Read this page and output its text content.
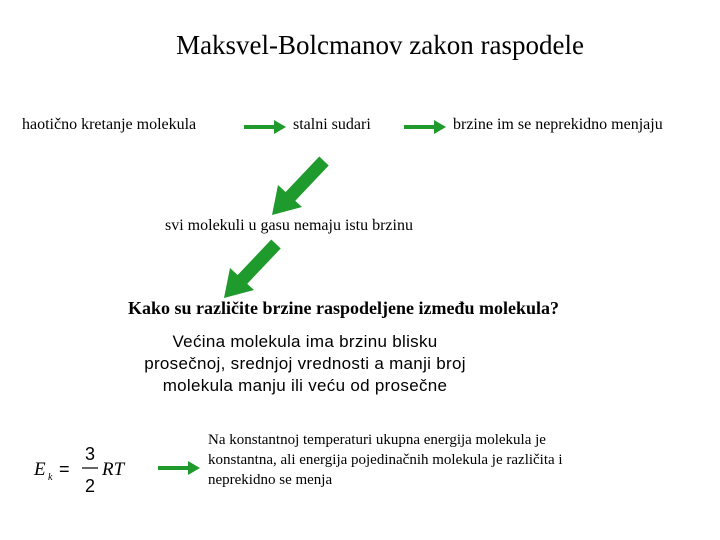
Maksvel-Bolcmanov zakon raspodele
haotično kretanje molekula	stalni sudari	brzine im se neprekidno menjaju
svi molekuli u gasu nemaju istu brzinu
Kako su različite brzine raspodeljene između molekula?
Većina molekula ima brzinu blisku
prosečnoj, srednjoj vrednosti a manji broj
molekula manju ili veću od prosečne
E k =
3
2
RT
Na konstantnoj temperaturi ukupna energija molekula je
konstantna, ali energija pojedinačnih molekula je različita i
neprekidno se menja
